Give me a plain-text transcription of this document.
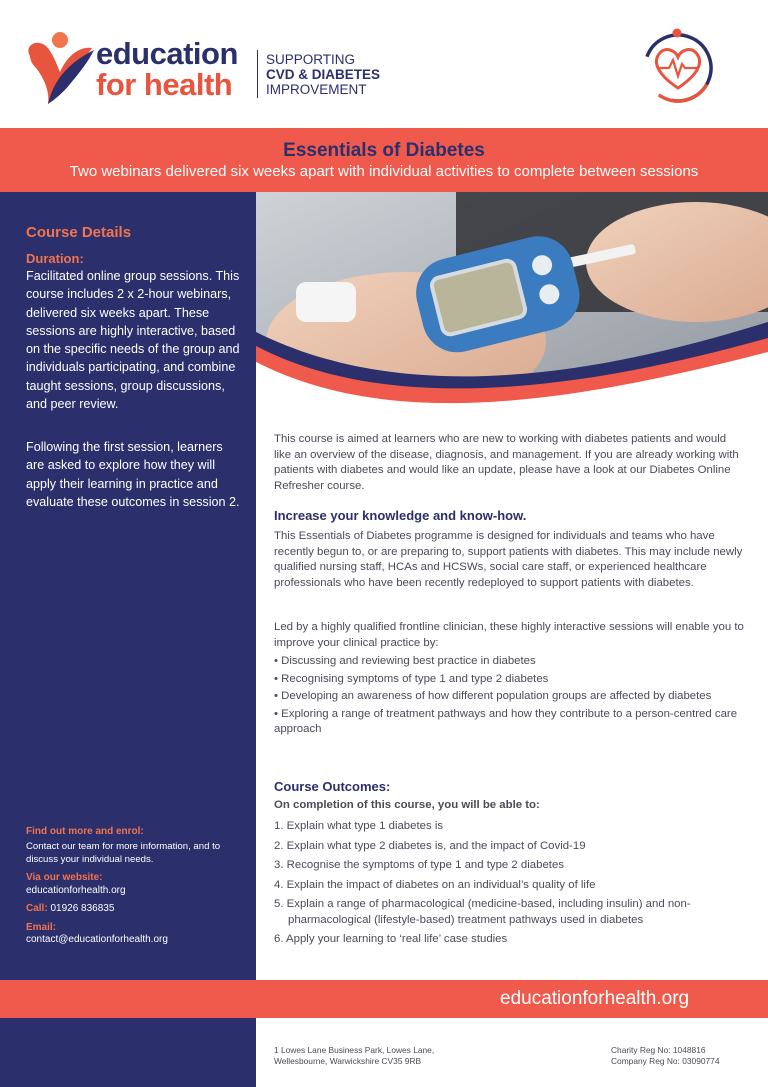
education
for health
SUPPORTING
CVD & DIABETES
IMPROVEMENT
Essentials of Diabetes
Two webinars delivered six weeks apart with individual activities to complete between sessions
Course Details
Duration:
Facilitated online group sessions. This course includes 2 x 2-hour webinars, delivered six weeks apart. These sessions are highly interactive, based on the specific needs of the group and individuals participating, and combine taught sessions, group discussions, and peer review.
Following the first session, learners are asked to explore how they will apply their learning in practice and evaluate these outcomes in session 2.
Find out more and enrol:
Contact our team for more information, and to discuss your individual needs.
Via our website:
educationforhealth.org
Call: 01926 836835
Email:
contact@educationforhealth.org
This course is aimed at learners who are new to working with diabetes patients and would like an overview of the disease, diagnosis, and management. If you are already working with patients with diabetes and would like an update, please have a look at our Diabetes Online Refresher course.
Increase your knowledge and know-how.
This Essentials of Diabetes programme is designed for individuals and teams who have recently begun to, or are preparing to, support patients with diabetes. This may include newly qualified nursing staff, HCAs and HCSWs, social care staff, or experienced healthcare professionals who have been recently redeployed to support patients with diabetes.
Led by a highly qualified frontline clinician, these highly interactive sessions will enable you to improve your clinical practice by:
• Discussing and reviewing best practice in diabetes
• Recognising symptoms of type 1 and type 2 diabetes
• Developing an awareness of how different population groups are affected by diabetes
• Exploring a range of treatment pathways and how they contribute to a person-centred care approach
Course Outcomes:
On completion of this course, you will be able to:
1. Explain what type 1 diabetes is
2. Explain what type 2 diabetes is, and the impact of Covid-19
3. Recognise the symptoms of type 1 and type 2 diabetes
4. Explain the impact of diabetes on an individual’s quality of life
5. Explain a range of pharmacological (medicine-based, including insulin) and non-pharmacological (lifestyle-based) treatment pathways used in diabetes
6. Apply your learning to ‘real life’ case studies
educationforhealth.org
1 Lowes Lane Business Park, Lowes Lane,
Wellesbourne, Warwickshire CV35 9RB
Charity Reg No: 1048816
Company Reg No: 03090774
